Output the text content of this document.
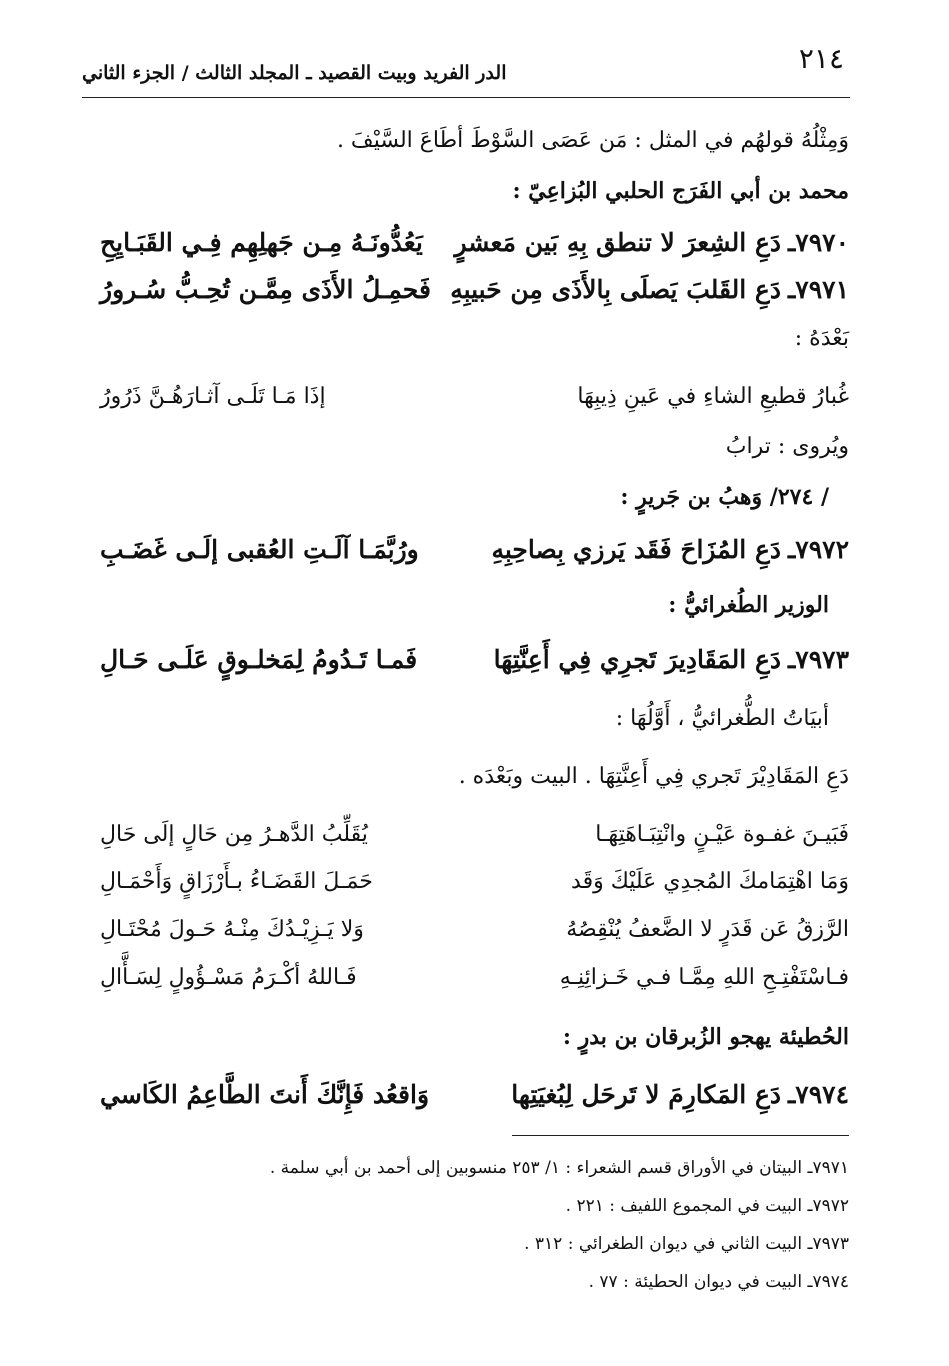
٢١٤
الدر الفريد وبيت القصيد ـ المجلد الثالث / الجزء الثاني
وَمِثْلُهُ قولهُم في المثل : مَن عَصَى السَّوْطَ أطَاعَ السَّيْفَ .
محمد بن أبي الفَرَج الحلبي البُزاعِيّ :
٧٩٧٠ـ
دَعِ الشِعرَ لا تنطق بِهِ بَين مَعشرٍ
يَعُدُّونَـهُ مِـن جَهلِهِم فِـي القَبَـايِحِ
٧٩٧١ـ
دَعِ القَلبَ يَصلَى بِالأَذَى مِن حَبيبِهِ
فَحمِـلُ الأَذَى مِمَّـن تُحِـبُّ سُـرورُ
بَعْدَهُ :
غُبارُ قطيعِ الشاءِ في عَينِ ذِيبِهَا
إذَا مَـا تَلَـى آثـارَهُـنَّ ذَرُورُ
ويُروى : ترابُ
/ ٢٧٤/ وَهبُ بن جَريرٍ :
٧٩٧٢ـ
دَعِ المُزَاحَ فَقَد يَرزي بِصاحِبِهِ
ورُبَّمَـا آلَـتِ العُقبى إلَـى غَضَـبِ
الوزير الطُغرائيُّ :
٧٩٧٣ـ
دَعِ المَقَادِيرَ تَجرِي فِي أَعِنَّتِهَا
فَمـا تَـدُومُ لِمَخلـوقٍ عَلَـى حَـالِ
أبيَاتُ الطُّغرائيُّ ، أَوَّلُهَا :
دَعِ المَقَادِيْرَ تَجري فِي أَعِنَّتِهَا . البيت وبَعْدَه .
فَبَيـنَ غفـوة عَيْـنٍ وانْتِبَـاهَتِهَـا
يُقَلِّبُ الدَّهـرُ مِن حَالٍ إلَى حَالِ
وَمَا اهْتِمَامكَ المُجدِي عَلَيْكَ وَقَد
حَمَـلَ القَضَـاءُ بـأَرْزَاقٍ وَأَحْمَـالِ
الرَّزقُ عَن قَدَرٍ لا الضَّعفُ يُنْقِصُهُ
وَلا يَـزِيْـدُكَ مِنْـهُ حَـولَ مُحْتَـالِ
فـاسْتَفْتِـحِ اللهِ مِمَّـا فـي خَـزائِنِـهِ
فَـاللهُ أكْـرَمُ مَسْـؤُولٍ لِسَـأَّالِ
الحُطيئة يهجو الزُبرقان بن بدرٍ :
٧٩٧٤ـ
دَعِ المَكارِمَ لا تَرحَل لِبُغيَتِها
وَاقعُد فَإِنَّكَ أَنتَ الطَّاعِمُ الكَاسي
٧٩٧١ـ البيتان في الأوراق قسم الشعراء : ١/ ٢٥٣ منسوبين إلى أحمد بن أبي سلمة .
٧٩٧٢ـ البيت في المجموع اللفيف : ٢٢١ .
٧٩٧٣ـ البيت الثاني في ديوان الطغرائي : ٣١٢ .
٧٩٧٤ـ البيت في ديوان الحطيئة : ٧٧ .
